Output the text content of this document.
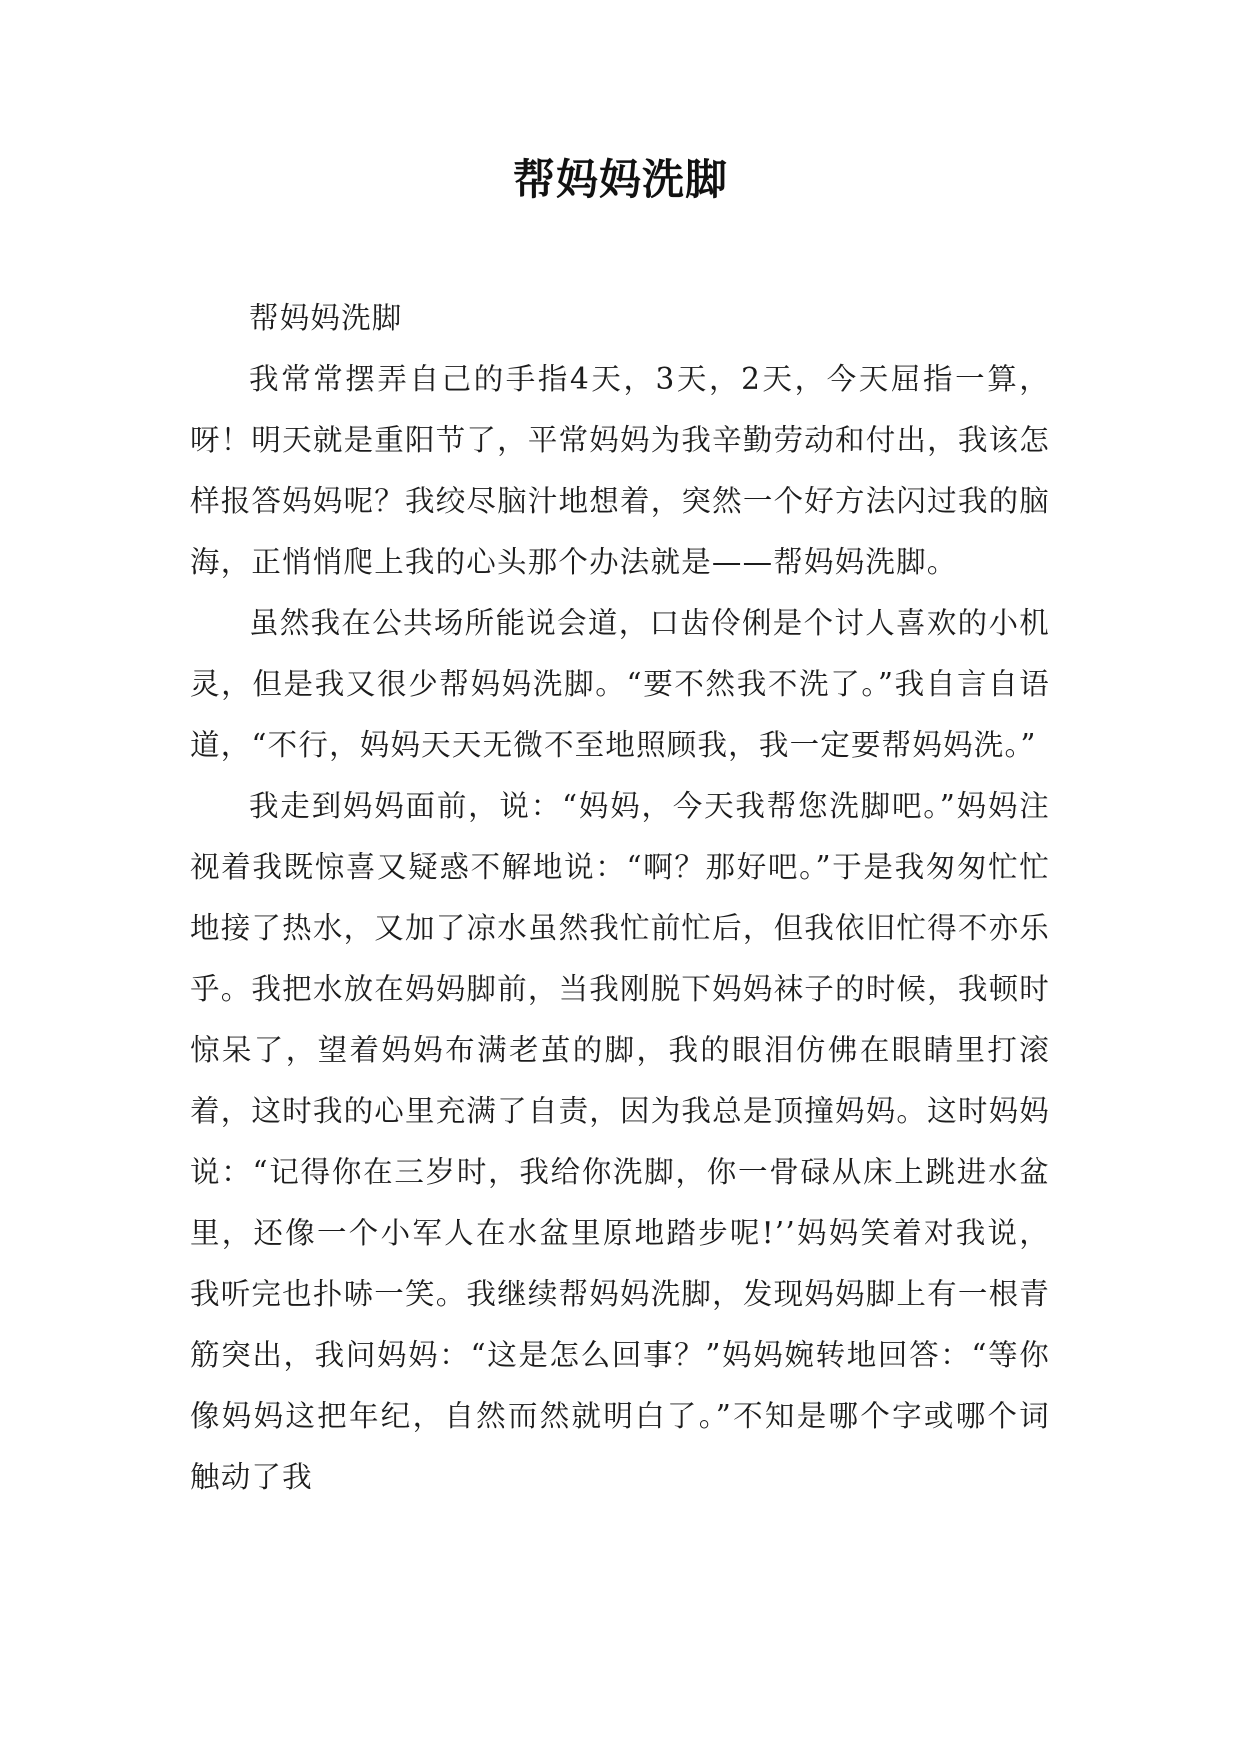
帮妈妈洗脚

帮妈妈洗脚

我常常摆弄自己的手指4天，3天，2天，今天屈指一算，呀！明天就是重阳节了，平常妈妈为我辛勤劳动和付出，我该怎样报答妈妈呢？我绞尽脑汁地想着，突然一个好方法闪过我的脑海，正悄悄爬上我的心头那个办法就是——帮妈妈洗脚。

虽然我在公共场所能说会道，口齿伶俐是个讨人喜欢的小机灵，但是我又很少帮妈妈洗脚。“要不然我不洗了。”我自言自语道，“不行，妈妈天天无微不至地照顾我，我一定要帮妈妈洗。”

我走到妈妈面前，说：“妈妈，今天我帮您洗脚吧。”妈妈注视着我既惊喜又疑惑不解地说：“啊？那好吧。”于是我匆匆忙忙地接了热水，又加了凉水虽然我忙前忙后，但我依旧忙得不亦乐乎。我把水放在妈妈脚前，当我刚脱下妈妈袜子的时候，我顿时惊呆了，望着妈妈布满老茧的脚，我的眼泪仿佛在眼睛里打滚着，这时我的心里充满了自责，因为我总是顶撞妈妈。这时妈妈说：“记得你在三岁时，我给你洗脚，你一骨碌从床上跳进水盆里，还像一个小军人在水盆里原地踏步呢!’’妈妈笑着对我说，我听完也扑哧一笑。我继续帮妈妈洗脚，发现妈妈脚上有一根青筋突出，我问妈妈：“这是怎么回事？”妈妈婉转地回答：“等你像妈妈这把年纪，自然而然就明白了。”不知是哪个字或哪个词触动了我
